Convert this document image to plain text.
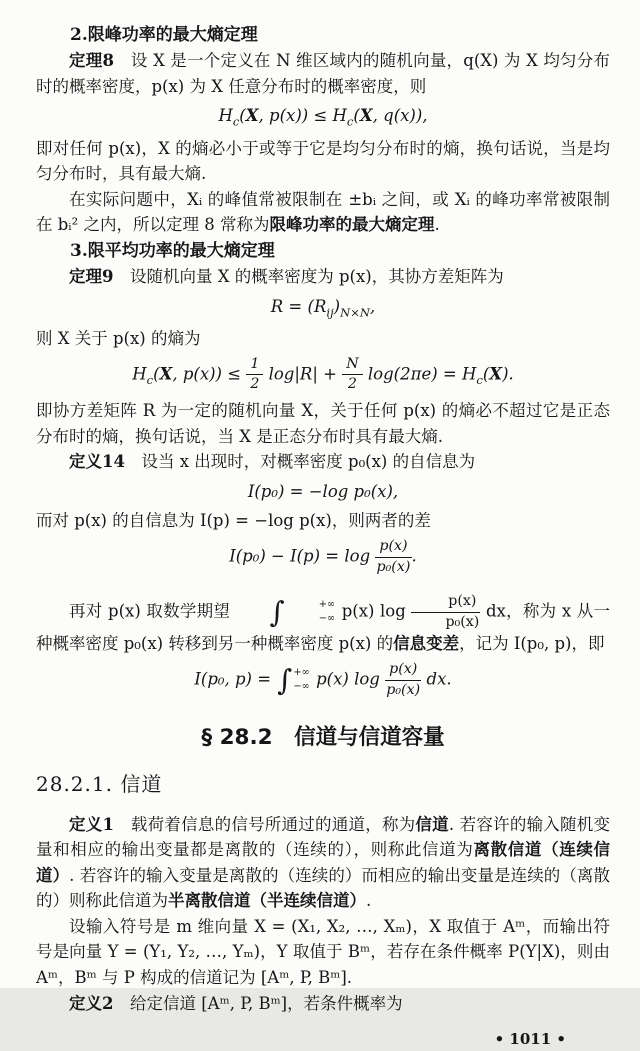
2.限峰功率的最大熵定理

定理8　设 X 是一个定义在 N 维区域内的随机向量，q(X) 为 X 均匀分布时的概率密度，p(x) 为 X 任意分布时的概率密度，则

$H_c(X$, $p(x)) \le H_c(X$, q(x)),

即对任何 p(x)，X 的熵必小于或等于它是均匀分布时的熵，换句话说，当是均匀分布时，具有最大熵.

在实际问题中，Xᵢ 的峰值常被限制在 ±bᵢ 之间，或 Xᵢ 的峰功率常被限制在 bᵢ² 之内，所以定理 8 常称为限峰功率的最大熵定理.

3.限平均功率的最大熵定理

定理9　设随机向量 X 的概率密度为 p(x)，其协方差矩阵为

$R = (R_{ij})_{N\times N}$,

则 X 关于 p(x) 的熵为

$H_c(X$, $p(x)) \le \frac{1}{2} \log|R| + \frac{N}{2} \log(2\pi e) = H_c(X)$.

即协方差矩阵 R 为一定的随机向量 X，关于任何 p(x) 的熵必不超过它是正态分布时的熵，换句话说，当 X 是正态分布时具有最大熵.

定义14　设当 x 出现时，对概率密度 p₀(x) 的自信息为

I(p₀) = −log p₀(x),

而对 p(x) 的自信息为 I(p) = −log p(x)，则两者的差

$I(p_0) - I(p) = \log \frac{p(x)}{\text{p₀(x)}}$ .

再对 p(x) 取数学期望	∫	+∞
−∞ p(x) $\log \frac{p(x)}{\text{p₀(x)}}$ dx，称为 x 从一种概率密度 p₀(x) 转移到另一种概率密度 p(x) 的信息变差，记为 I(p₀, p)，即

I(p₀, p) = ∫ +∞
−∞ p(x) $\log \frac{p(x)}{\text{p₀(x)}}$ dx.
§ 28.2　信道与信道容量
28.2.1. 信道

定义1　载荷着信息的信号所通过的通道，称为信道. 若容许的输入随机变量和相应的输出变量都是离散的（连续的），则称此信道为离散信道（连续信道）. 若容许的输入变量是离散的（连续的）而相应的输出变量是连续的（离散的）则称此信道为半离散信道（半连续信道）.

设输入符号是 m 维向量 X = (X₁, X₂, …, Xₘ)，X 取值于 Aᵐ，而输出符号是向量 Y = (Y₁, Y₂, …, Yₘ)，Y 取值于 Bᵐ，若存在条件概率 P(Y|X)，则由 Aᵐ，Bᵐ 与 P 构成的信道记为 [Aᵐ, P, Bᵐ].

定义2　给定信道 [Aᵐ, P, Bᵐ]，若条件概率为

• 1011 •
